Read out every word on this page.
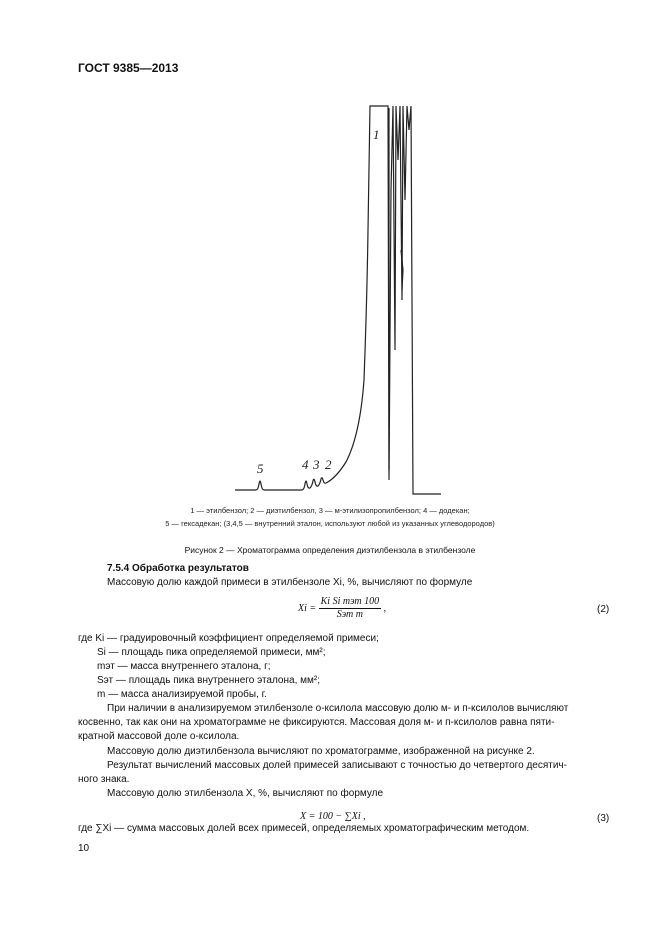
ГОСТ 9385—2013
1
5	4 3 2
1 — этилбензол; 2 — диэтилбензол, 3 — м-этилизопропилбензол; 4 — додекан;
5 — гексадекан; (3,4,5 — внутренний эталон, используют любой из указанных углеводородов)
Рисунок 2 — Хроматограмма определения диэтилбензола в этилбензоле
7.5.4 Обработка результатов
Массовую долю каждой примеси в этилбензоле Xi, %, вычисляют по формуле
$Xi = \frac{\text{Ki Si mэт 100}}{\text{Sэт m}}$ ,	(2)
где Ki — градуировочный коэффициент определяемой примеси;
Si — площадь пика определяемой примеси, мм²;
mэт — масса внутреннего эталона, г;
Sэт — площадь пика внутреннего эталона, мм²;
m — масса анализируемой пробы, г.
При наличии в анализируемом этилбензоле о-ксилола массовую долю м- и п-ксилолов вычисляют
косвенно, так как они на хроматограмме не фиксируются. Массовая доля м- и п-ксилолов равна пяти-
кратной массовой доле о-ксилола.
Массовую долю диэтилбензола вычисляют по хроматограмме, изображенной на рисунке 2.
Результат вычислений массовых долей примесей записывают с точностью до четвертого десятич-
ного знака.
Массовую долю этилбензола X, %, вычисляют по формуле
X = 100 − ∑Xi ,	(3)
где ∑Xi — сумма массовых долей всех примесей, определяемых хроматографическим методом.
10
